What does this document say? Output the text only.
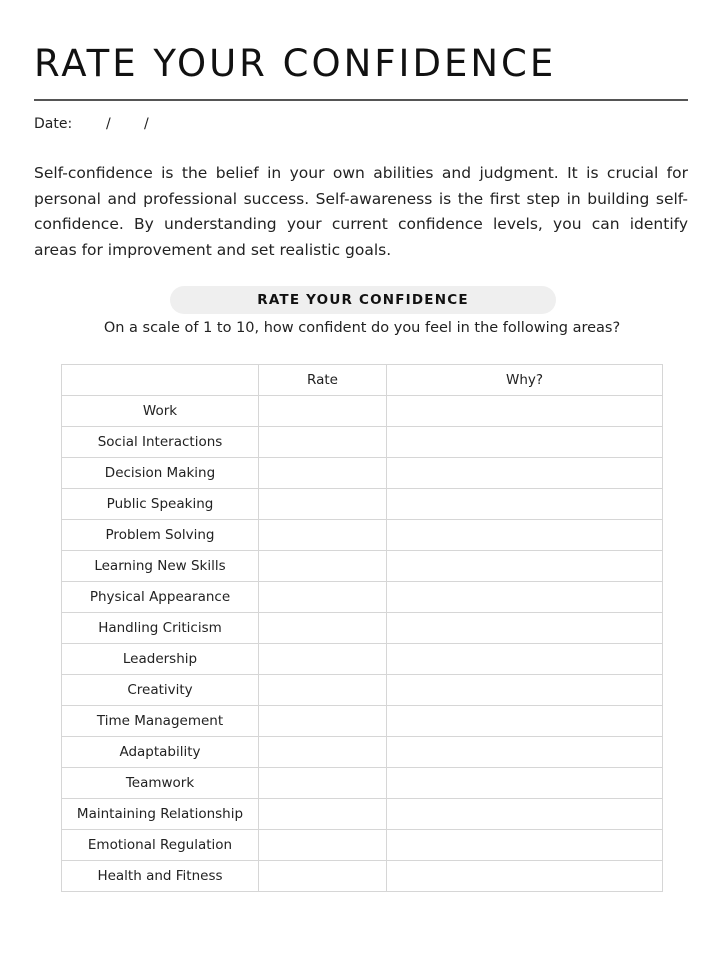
RATE YOUR CONFIDENCE
Date: / /
Self-confidence is the belief in your own abilities and judgment. It is crucial for personal and professional success. Self-awareness is the first step in building self-confidence. By understanding your current confidence levels, you can identify areas for improvement and set realistic goals.
RATE YOUR CONFIDENCE
On a scale of 1 to 10, how confident do you feel in the following areas?
	Rate	Why?
Work		
Social Interactions		
Decision Making		
Public Speaking		
Problem Solving		
Learning New Skills		
Physical Appearance		
Handling Criticism		
Leadership		
Creativity		
Time Management		
Adaptability		
Teamwork		
Maintaining Relationship		
Emotional Regulation		
Health and Fitness		
